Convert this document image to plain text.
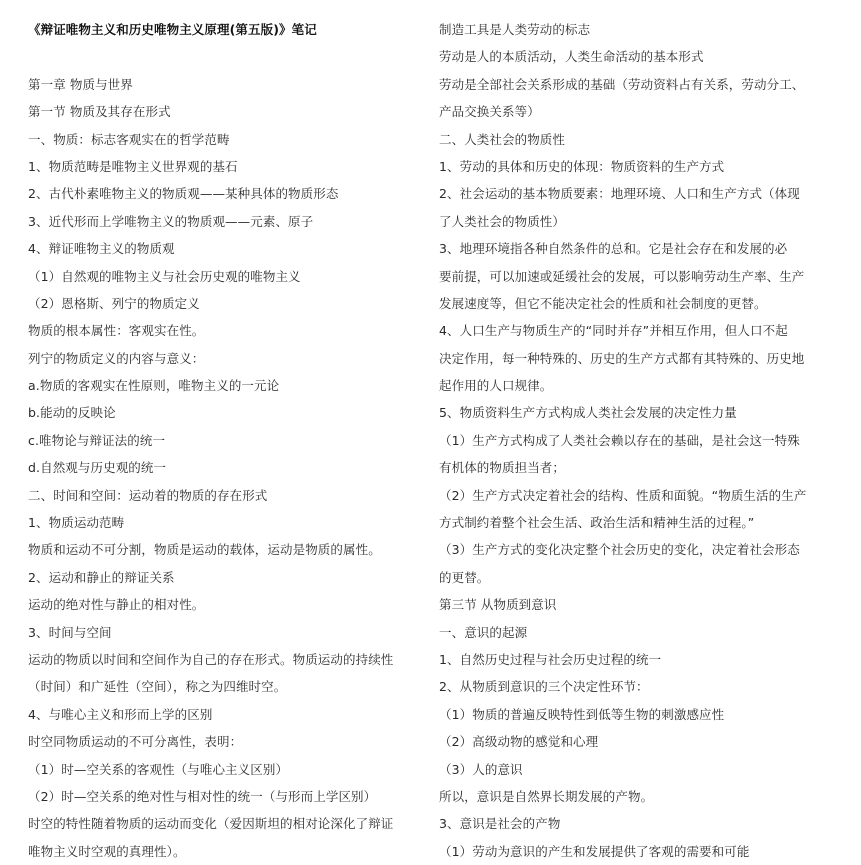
《辩证唯物主义和历史唯物主义原理(第五版)》笔记
第一章 物质与世界
第一节 物质及其存在形式
一、物质：标志客观实在的哲学范畴
1、物质范畴是唯物主义世界观的基石
2、古代朴素唯物主义的物质观——某种具体的物质形态
3、近代形而上学唯物主义的物质观——元素、原子
4、辩证唯物主义的物质观
（1）自然观的唯物主义与社会历史观的唯物主义
（2）恩格斯、列宁的物质定义
物质的根本属性：客观实在性。
列宁的物质定义的内容与意义：
a.物质的客观实在性原则，唯物主义的一元论
b.能动的反映论
c.唯物论与辩证法的统一
d.自然观与历史观的统一
二、时间和空间：运动着的物质的存在形式
1、物质运动范畴
物质和运动不可分割，物质是运动的载体，运动是物质的属性。
2、运动和静止的辩证关系
运动的绝对性与静止的相对性。
3、时间与空间
运动的物质以时间和空间作为自己的存在形式。物质运动的持续性
（时间）和广延性（空间），称之为四维时空。
4、与唯心主义和形而上学的区别
时空同物质运动的不可分离性，表明：
（1）时—空关系的客观性（与唯心主义区别）
（2）时—空关系的绝对性与相对性的统一（与形而上学区别）
时空的特性随着物质的运动而变化（爱因斯坦的相对论深化了辩证
唯物主义时空观的真理性）。
制造工具是人类劳动的标志
劳动是人的本质活动，人类生命活动的基本形式
劳动是全部社会关系形成的基础（劳动资料占有关系，劳动分工、
产品交换关系等）
二、人类社会的物质性
1、劳动的具体和历史的体现：物质资料的生产方式
2、社会运动的基本物质要素：地理环境、人口和生产方式（体现
了人类社会的物质性）
3、地理环境指各种自然条件的总和。它是社会存在和发展的必
要前提，可以加速或延缓社会的发展，可以影响劳动生产率、生产
发展速度等，但它不能决定社会的性质和社会制度的更替。
4、人口生产与物质生产的“同时并存”并相互作用，但人口不起
决定作用，每一种特殊的、历史的生产方式都有其特殊的、历史地
起作用的人口规律。
5、物质资料生产方式构成人类社会发展的决定性力量
（1）生产方式构成了人类社会赖以存在的基础，是社会这一特殊
有机体的物质担当者；
（2）生产方式决定着社会的结构、性质和面貌。“物质生活的生产
方式制约着整个社会生活、政治生活和精神生活的过程。”
（3）生产方式的变化决定整个社会历史的变化，决定着社会形态
的更替。
第三节 从物质到意识
一、意识的起源
1、自然历史过程与社会历史过程的统一
2、从物质到意识的三个决定性环节：
（1）物质的普遍反映特性到低等生物的刺激感应性
（2）高级动物的感觉和心理
（3）人的意识
所以，意识是自然界长期发展的产物。
3、意识是社会的产物
（1）劳动为意识的产生和发展提供了客观的需要和可能
